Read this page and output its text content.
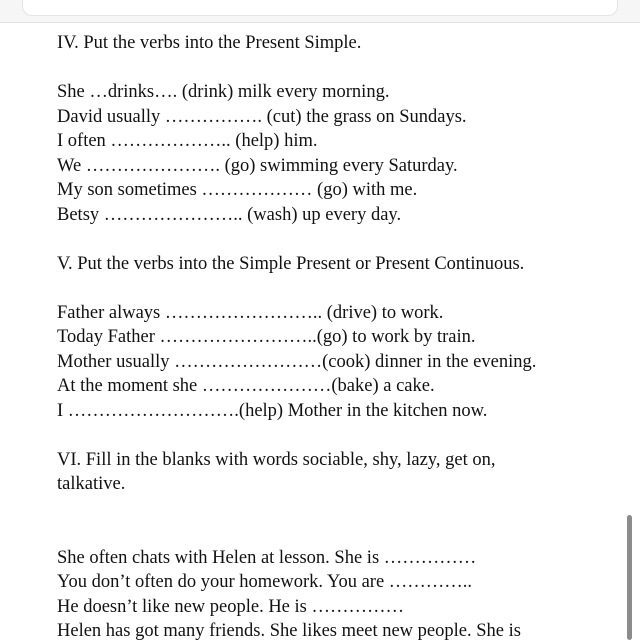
IV. Put the verbs into the Present Simple.
She …drinks…. (drink) milk every morning.
David usually ……………. (cut) the grass on Sundays.
I often ……………….. (help) him.
We …………………. (go) swimming every Saturday.
My son sometimes ……………… (go) with me.
Betsy ………………….. (wash) up every day.
V. Put the verbs into the Simple Present or Present Continuous.
Father always …………………….. (drive) to work.
Today Father ……………………..(go) to work by train.
Mother usually ……………………(cook) dinner in the evening.
At the moment she …………………(bake) a cake.
I ……………………….(help) Mother in the kitchen now.
VI. Fill in the blanks with words sociable, shy, lazy, get on,
talkative.
She often chats with Helen at lesson. She is ……………
You don’t often do your homework. You are …………..
He doesn’t like new people. He is ……………
Helen has got many friends. She likes meet new people. She is
